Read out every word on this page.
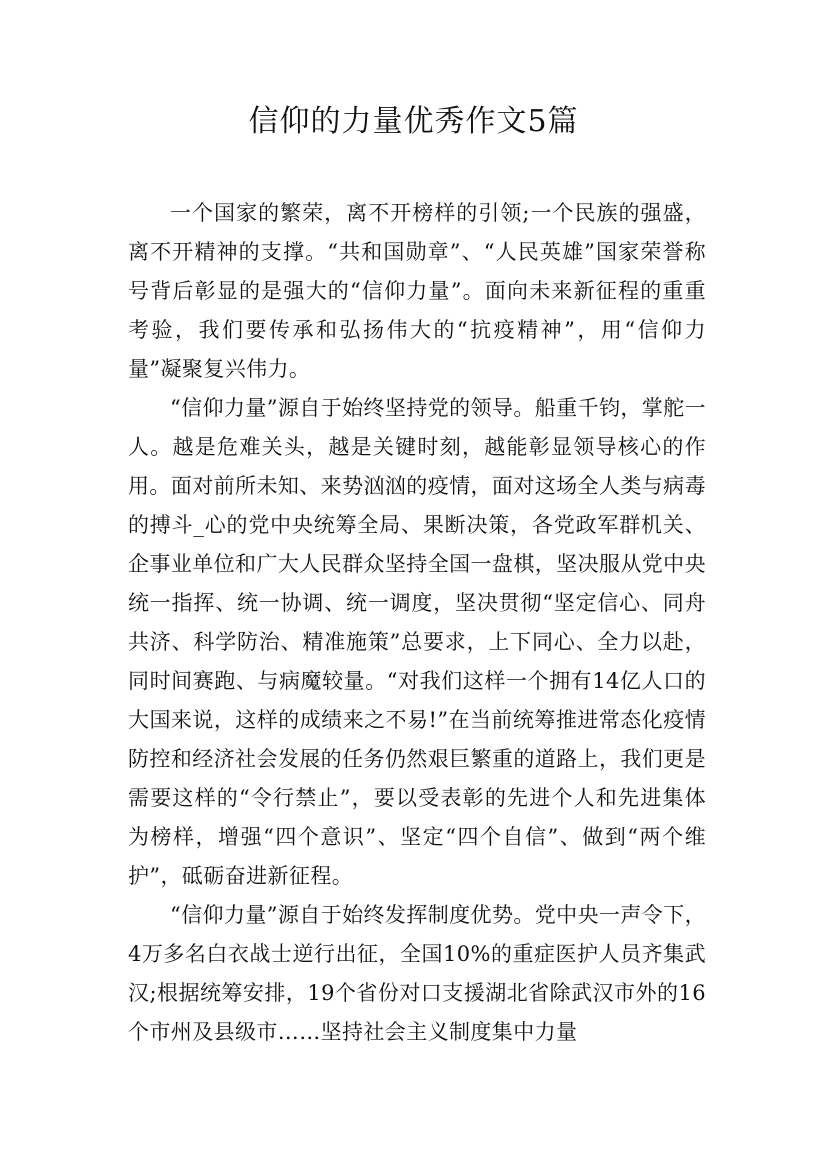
信仰的力量优秀作文5篇

一个国家的繁荣，离不开榜样的引领;一个民族的强盛，离不开精神的支撑。“共和国勋章”、“人民英雄”国家荣誉称号背后彰显的是强大的“信仰力量”。面向未来新征程的重重考验，我们要传承和弘扬伟大的“抗疫精神”，用“信仰力量”凝聚复兴伟力。

“信仰力量”源自于始终坚持党的领导。船重千钧，掌舵一人。越是危难关头，越是关键时刻，越能彰显领导核心的作用。面对前所未知、来势汹汹的疫情，面对这场全人类与病毒的搏斗_心的党中央统筹全局、果断决策，各党政军群机关、企事业单位和广大人民群众坚持全国一盘棋，坚决服从党中央统一指挥、统一协调、统一调度，坚决贯彻“坚定信心、同舟共济、科学防治、精准施策”总要求，上下同心、全力以赴，同时间赛跑、与病魔较量。“对我们这样一个拥有14亿人口的大国来说，这样的成绩来之不易!”在当前统筹推进常态化疫情防控和经济社会发展的任务仍然艰巨繁重的道路上，我们更是需要这样的“令行禁止”，要以受表彰的先进个人和先进集体为榜样，增强“四个意识”、坚定“四个自信”、做到“两个维护”，砥砺奋进新征程。

“信仰力量”源自于始终发挥制度优势。党中央一声令下，4万多名白衣战士逆行出征，全国10%的重症医护人员齐集武汉;根据统筹安排，19个省份对口支援湖北省除武汉市外的16个市州及县级市……坚持社会主义制度集中力量
